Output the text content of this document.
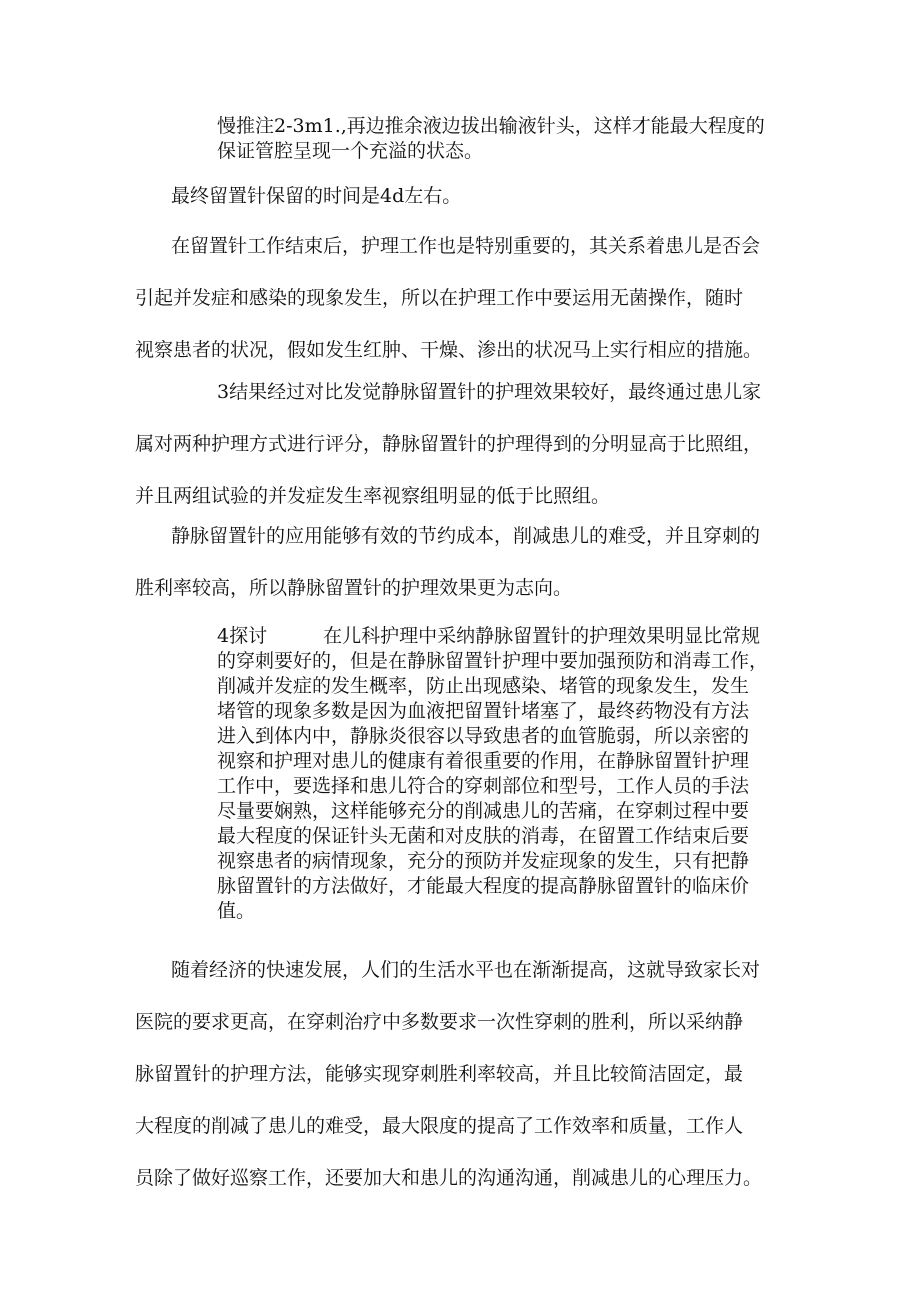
慢推注2-3m1.,再边推余液边拔出输液针头，这样才能最大程度的
保证管腔呈现一个充溢的状态。
最终留置针保留的时间是4d左右。
在留置针工作结束后，护理工作也是特别重要的，其关系着患儿是否会
引起并发症和感染的现象发生，所以在护理工作中要运用无菌操作，随时
视察患者的状况，假如发生红肿、干燥、渗出的状况马上实行相应的措施。
3结果经过对比发觉静脉留置针的护理效果较好，最终通过患儿家
属对两种护理方式进行评分，静脉留置针的护理得到的分明显高于比照组，
并且两组试验的并发症发生率视察组明显的低于比照组。
静脉留置针的应用能够有效的节约成本，削减患儿的难受，并且穿刺的
胜利率较高，所以静脉留置针的护理效果更为志向。
4探讨	在儿科护理中采纳静脉留置针的护理效果明显比常规
的穿刺要好的，但是在静脉留置针护理中要加强预防和消毒工作，
削减并发症的发生概率，防止出现感染、堵管的现象发生，发生
堵管的现象多数是因为血液把留置针堵塞了，最终药物没有方法
进入到体内中，静脉炎很容以导致患者的血管脆弱，所以亲密的
视察和护理对患儿的健康有着很重要的作用，在静脉留置针护理
工作中，要选择和患儿符合的穿刺部位和型号，工作人员的手法
尽量要娴熟，这样能够充分的削减患儿的苦痛，在穿刺过程中要
最大程度的保证针头无菌和对皮肤的消毒，在留置工作结束后要
视察患者的病情现象，充分的预防并发症现象的发生，只有把静
脉留置针的方法做好，才能最大程度的提高静脉留置针的临床价
值。
随着经济的快速发展，人们的生活水平也在渐渐提高，这就导致家长对
医院的要求更高，在穿刺治疗中多数要求一次性穿刺的胜利，所以采纳静
脉留置针的护理方法，能够实现穿刺胜利率较高，并且比较简洁固定，最
大程度的削减了患儿的难受，最大限度的提高了工作效率和质量，工作人
员除了做好巡察工作，还要加大和患儿的沟通沟通，削减患儿的心理压力。
